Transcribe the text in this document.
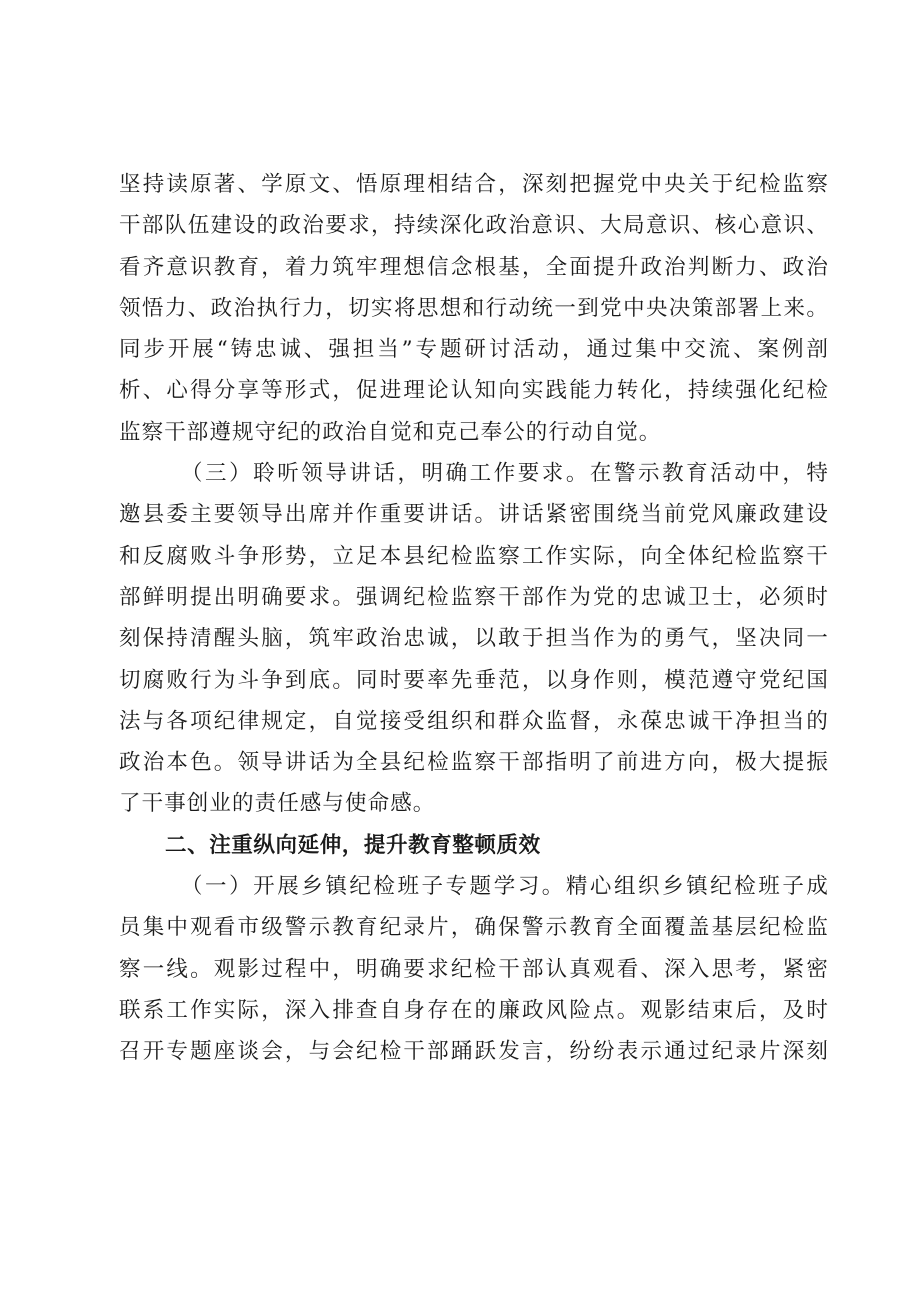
坚持读原著、学原文、悟原理相结合，深刻把握党中央关于纪检监察
干部队伍建设的政治要求，持续深化政治意识、大局意识、核心意识、
看齐意识教育，着力筑牢理想信念根基，全面提升政治判断力、政治
领悟力、政治执行力，切实将思想和行动统一到党中央决策部署上来。
同步开展“铸忠诚、强担当”专题研讨活动，通过集中交流、案例剖
析、心得分享等形式，促进理论认知向实践能力转化，持续强化纪检
监察干部遵规守纪的政治自觉和克己奉公的行动自觉。
（三）聆听领导讲话，明确工作要求。在警示教育活动中，特
邀县委主要领导出席并作重要讲话。讲话紧密围绕当前党风廉政建设
和反腐败斗争形势，立足本县纪检监察工作实际，向全体纪检监察干
部鲜明提出明确要求。强调纪检监察干部作为党的忠诚卫士，必须时
刻保持清醒头脑，筑牢政治忠诚，以敢于担当作为的勇气，坚决同一
切腐败行为斗争到底。同时要率先垂范，以身作则，模范遵守党纪国
法与各项纪律规定，自觉接受组织和群众监督，永葆忠诚干净担当的
政治本色。领导讲话为全县纪检监察干部指明了前进方向，极大提振
了干事创业的责任感与使命感。
二、注重纵向延伸，提升教育整顿质效
（一）开展乡镇纪检班子专题学习。精心组织乡镇纪检班子成
员集中观看市级警示教育纪录片，确保警示教育全面覆盖基层纪检监
察一线。观影过程中，明确要求纪检干部认真观看、深入思考，紧密
联系工作实际，深入排查自身存在的廉政风险点。观影结束后，及时
召开专题座谈会，与会纪检干部踊跃发言，纷纷表示通过纪录片深刻
